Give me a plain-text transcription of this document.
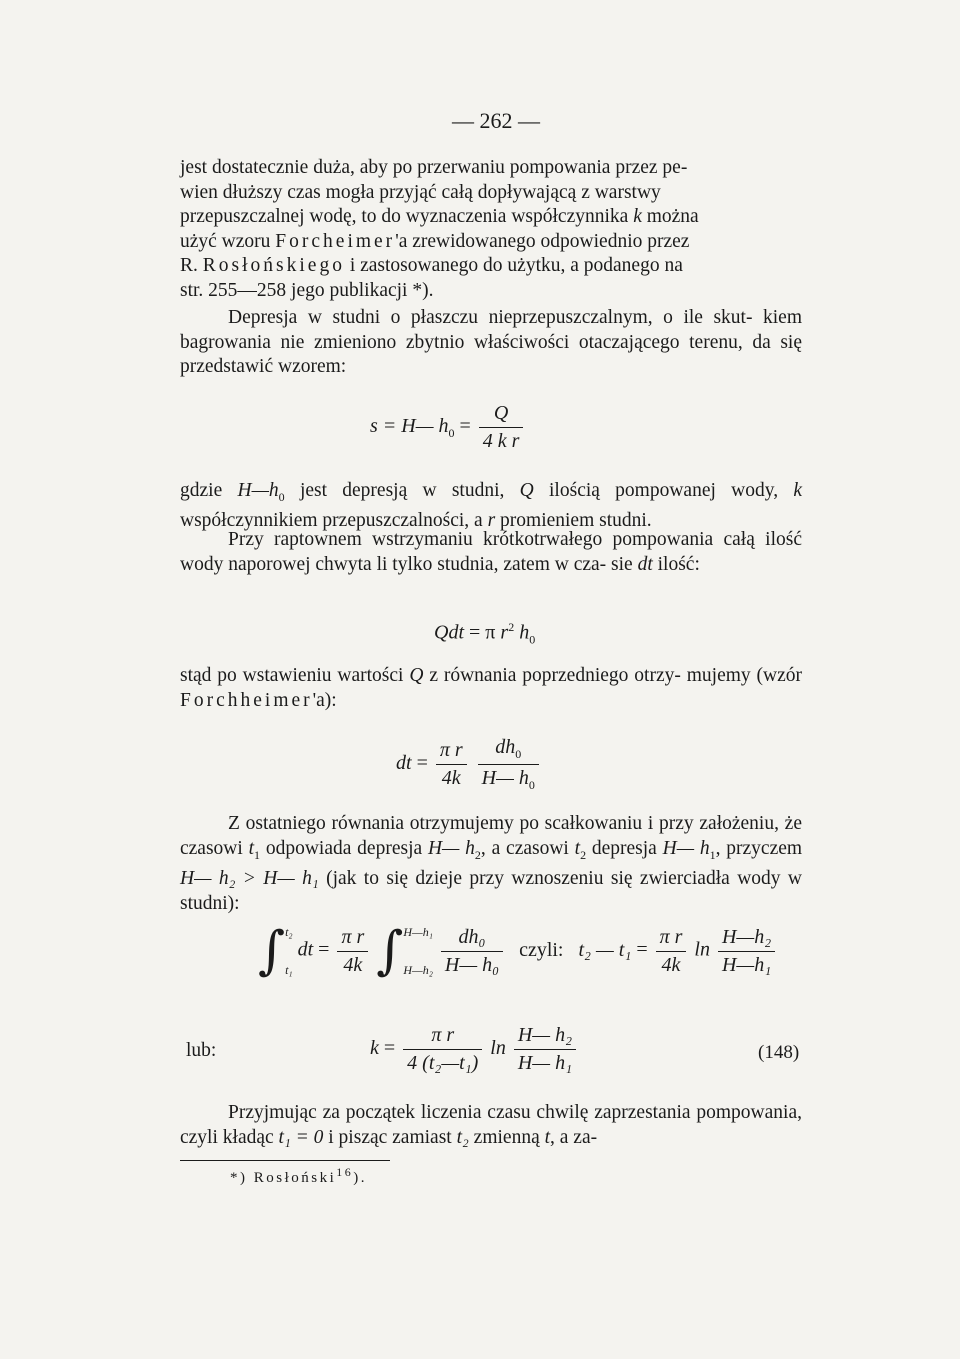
— 262 —

jest dostatecznie duża, aby po przerwaniu pompowania przez pe-

wien dłuższy czas mogła przyjąć całą dopływającą z warstwy

przepuszczalnej wodę, to do wyznaczenia współczynnika k można

użyć wzoru Forcheimer'a zrewidowanego odpowiednio przez

R. Rosłońskiego i zastosowanego do użytku, a podanego na

str. 255—258 jego publikacji *).

Depresja w studni o płaszczu nieprzepuszczalnym, o ile skut- kiem bagrowania nie zmieniono zbytnio właściwości otaczającego terenu, da się przedstawić wzorem:

s = H— $h_0 = \frac{Q}{\text{4 k r}}$

gdzie $H—h_0$ jest depresją w studni, Q ilością pompowanej wody, k współczynnikiem przepuszczalności, a r promieniem studni.

Przy raptownem wstrzymaniu krótkotrwałego pompowania całą ilość wody naporowej chwyta li tylko studnia, zatem w cza- sie dt ilość:

Qdt = π $r^2$ $h_0$

stąd po wstawieniu wartości Q z równania poprzedniego otrzy- mujemy (wzór Forchheimer'a):

dt = $\frac{\text{π r}}{4k}$
$\frac{dh_0}{H— h_0}$

Z ostatniego równania otrzymujemy po scałkowaniu i przy założeniu, że czasowi $t_1$ odpowiada depresja H— $h_2$, a czasowi $t_2$ depresja H— $h_1$, przyczem H— h₂ > H— h₁ (jak to się dzieje przy wznoszeniu się zwierciadła wody w studni):

∫ t₂
t₁
dt = $\frac{\text{π r}}{4k}$ ∫ H—h₁
H—h₂
$\frac{\text{dh₀}}{\text{H— h₀}}$ czyli: t₂ — $t_1 = \frac{\text{π r}}{4k}$ $\ln \frac{\text{H—h₂}}{\text{H—h₁}}$
lub:	$k = \frac{\text{π r}}{\text{4 (t₂—t₁)}}$ $\ln \frac{\text{H— h₂}}{\text{H— h₁}}$	(148)

Przyjmując za początek liczenia czasu chwilę zaprzestania pompowania, czyli kładąc t₁ = 0 i pisząc zamiast t₂ zmienną t, a za-

*) Rosłoński$^{16}$).
